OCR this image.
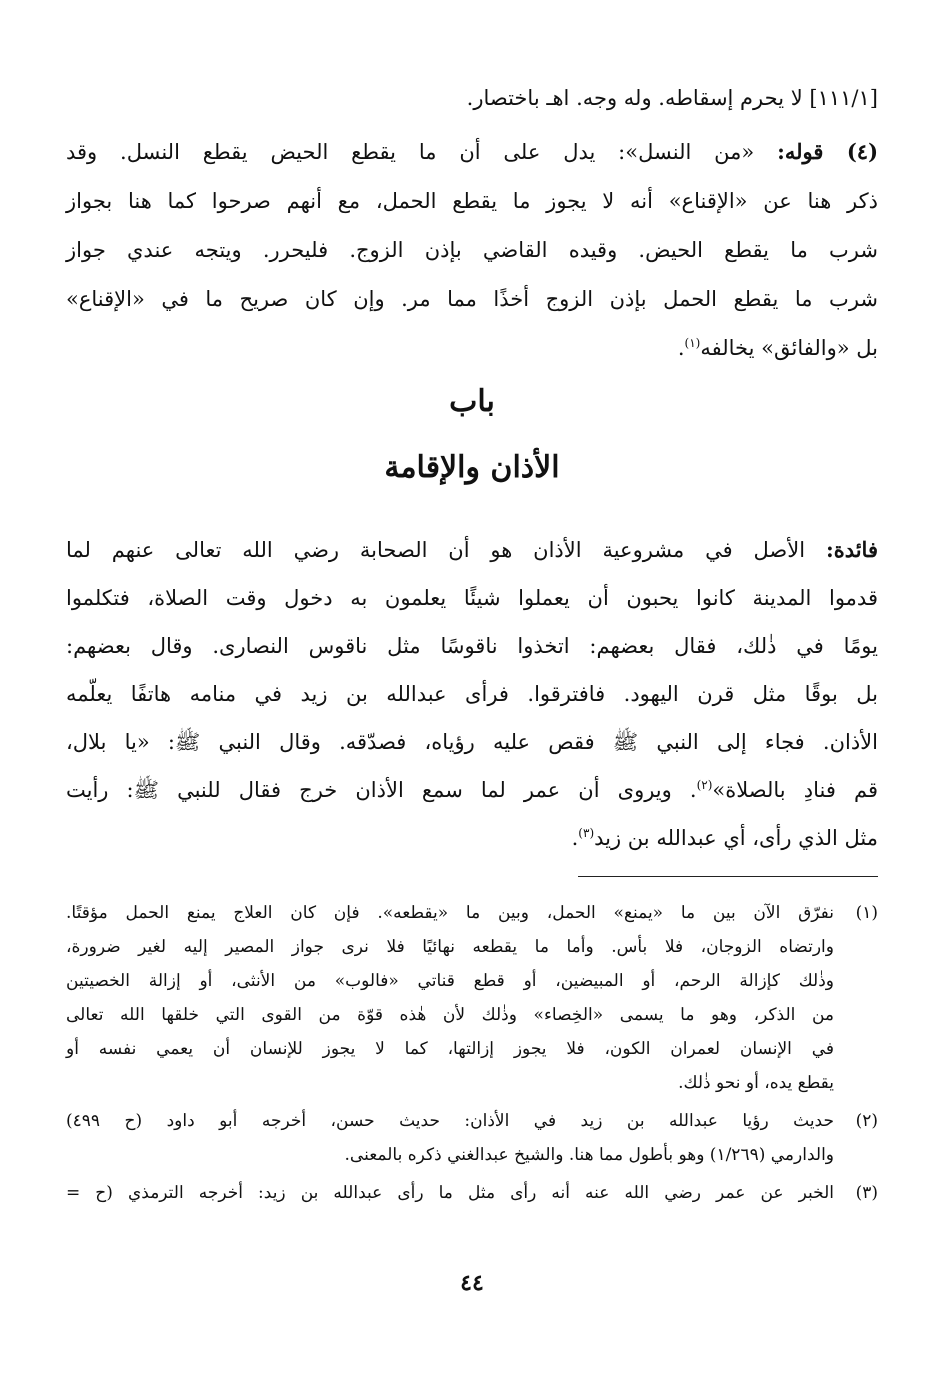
[١١١/١] لا يحرم إسقاطه. وله وجه. اهـ باختصار.
(٤) قوله: «من النسل»: يدل على أن ما يقطع الحيض يقطع النسل. وقد
ذكر هنا عن «الإقناع» أنه لا يجوز ما يقطع الحمل، مع أنهم صرحوا كما هنا بجواز
شرب ما يقطع الحيض. وقيده القاضي بإذن الزوج. فليحرر. ويتجه عندي جواز
شرب ما يقطع الحمل بإذن الزوج أخذًا مما مر. وإن كان صريح ما في «الإقناع»
بل «والفائق» يخالفه$^{(١)}$.
باب
الأذان والإقامة
فائدة: الأصل في مشروعية الأذان هو أن الصحابة رضي الله تعالى عنهم لما
قدموا المدينة كانوا يحبون أن يعملوا شيئًا يعلمون به دخول وقت الصلاة، فتكلموا
يومًا في ذٰلك، فقال بعضهم: اتخذوا ناقوسًا مثل ناقوس النصارى. وقال بعضهم:
بل بوقًا مثل قرن اليهود. فافترقوا. فرأى عبدالله بن زيد في منامه هاتفًا يعلّمه
الأذان. فجاء إلى النبي ﷺ فقص عليه رؤياه، فصدّقه. وقال النبي ﷺ: «يا بلال،
قم فنادِ بالصلاة»$^{(٢)}$. ويروى أن عمر لما سمع الأذان خرج فقال للنبي ﷺ: رأيت
مثل الذي رأى، أي عبدالله بن زيد$^{(٣)}$.
(١)
نفرّق الآن بين ما «يمنع» الحمل، وبين ما «يقطعه». فإن كان العلاج يمنع الحمل مؤقتًا.
وارتضاه الزوجان، فلا بأس. وأما ما يقطعه نهائيًا فلا نرى جواز المصير إليه لغير ضرورة،
وذٰلك كإزالة الرحم، أو المبيضين، أو قطع قناتي «فالوب» من الأنثى، أو إزالة الخصيتين
من الذكر، وهو ما يسمى «الخِصاء» وذٰلك لأن هٰذه قوّة من القوى التي خلقها الله تعالى
في الإنسان لعمران الكون، فلا يجوز إزالتها، كما لا يجوز للإنسان أن يعمي نفسه أو
يقطع يده، أو نحو ذٰلك.
(٢)
حديث رؤيا عبدالله بن زيد في الأذان: حديث حسن، أخرجه أبو داود (ح ٤٩٩)
والدارمي (١/٢٦٩) وهو بأطول مما هنا. والشيخ عبدالغني ذكره بالمعنى.
(٣)
الخبر عن عمر رضي الله عنه أنه رأى مثل ما رأى عبدالله بن زيد: أخرجه الترمذي (ح =
٤٤
